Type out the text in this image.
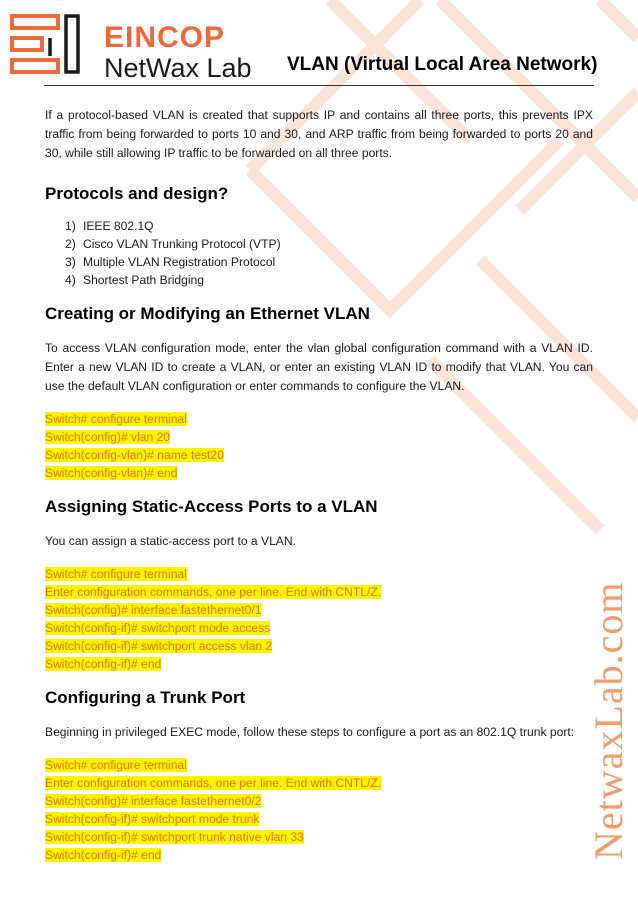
EINCOP
NetWax Lab VLAN (Virtual Local Area Network)

If a protocol-based VLAN is created that supports IP and contains all three ports, this prevents IPX traffic from being forwarded to ports 10 and 30, and ARP traffic from being forwarded to ports 20 and 30, while still allowing IP traffic to be forwarded on all three ports.

Protocols and design?
1) IEEE 802.1Q
2) Cisco VLAN Trunking Protocol (VTP)
3) Multiple VLAN Registration Protocol
4) Shortest Path Bridging
Creating or Modifying an Ethernet VLAN

To access VLAN configuration mode, enter the vlan global configuration command with a VLAN ID. Enter a new VLAN ID to create a VLAN, or enter an existing VLAN ID to modify that VLAN. You can use the default VLAN configuration or enter commands to configure the VLAN.

Switch# configure terminal
Switch(config)# vlan 20
Switch(config-vlan)# name test20
Switch(config-vlan)# end
Assigning Static-Access Ports to a VLAN

You can assign a static-access port to a VLAN.

Switch# configure terminal
Enter configuration commands, one per line. End with CNTL/Z.
Switch(config)# interface fastethernet0/1
Switch(config-if)# switchport mode access
Switch(config-if)# switchport access vlan 2
Switch(config-if)# end
Configuring a Trunk Port

Beginning in privileged EXEC mode, follow these steps to configure a port as an 802.1Q trunk port:

Switch# configure terminal
Enter configuration commands, one per line. End with CNTL/Z.
Switch(config)# interface fastethernet0/2
Switch(config-if)# switchport mode trunk
Switch(config-if)# switchport trunk native vlan 33
Switch(config-if)# end	NetwaxLab.com
